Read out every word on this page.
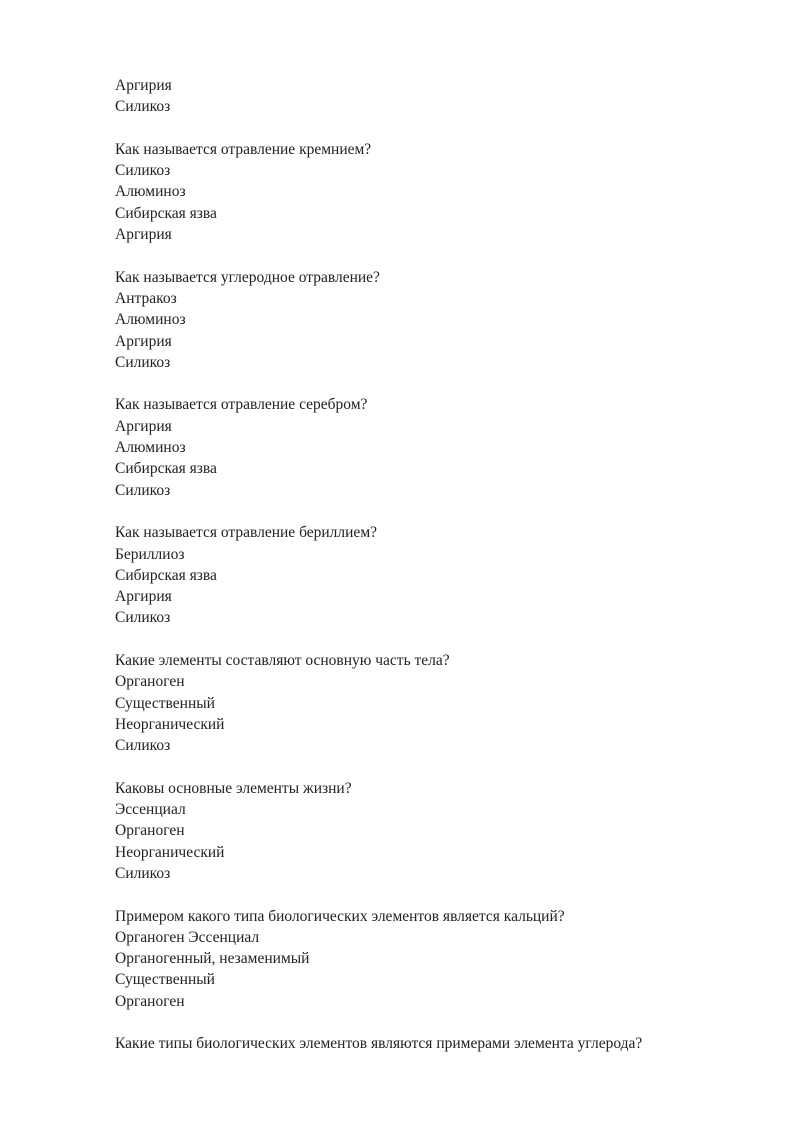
Аргирия
Силикоз
Как называется отравление кремнием?
Силикоз
Алюминоз
Сибирская язва
Аргирия
Как называется углеродное отравление?
Антракоз
Алюминоз
Аргирия
Силикоз
Как называется отравление серебром?
Аргирия
Алюминоз
Сибирская язва
Силикоз
Как называется отравление бериллием?
Бериллиоз
Сибирская язва
Аргирия
Силикоз
Какие элементы составляют основную часть тела?
Органоген
Существенный
Неорганический
Силикоз
Каковы основные элементы жизни?
Эссенциал
Органоген
Неорганический
Силикоз
Примером какого типа биологических элементов является кальций?
Органоген Эссенциал
Органогенный, незаменимый
Существенный
Органоген
Какие типы биологических элементов являются примерами элемента углерода?
